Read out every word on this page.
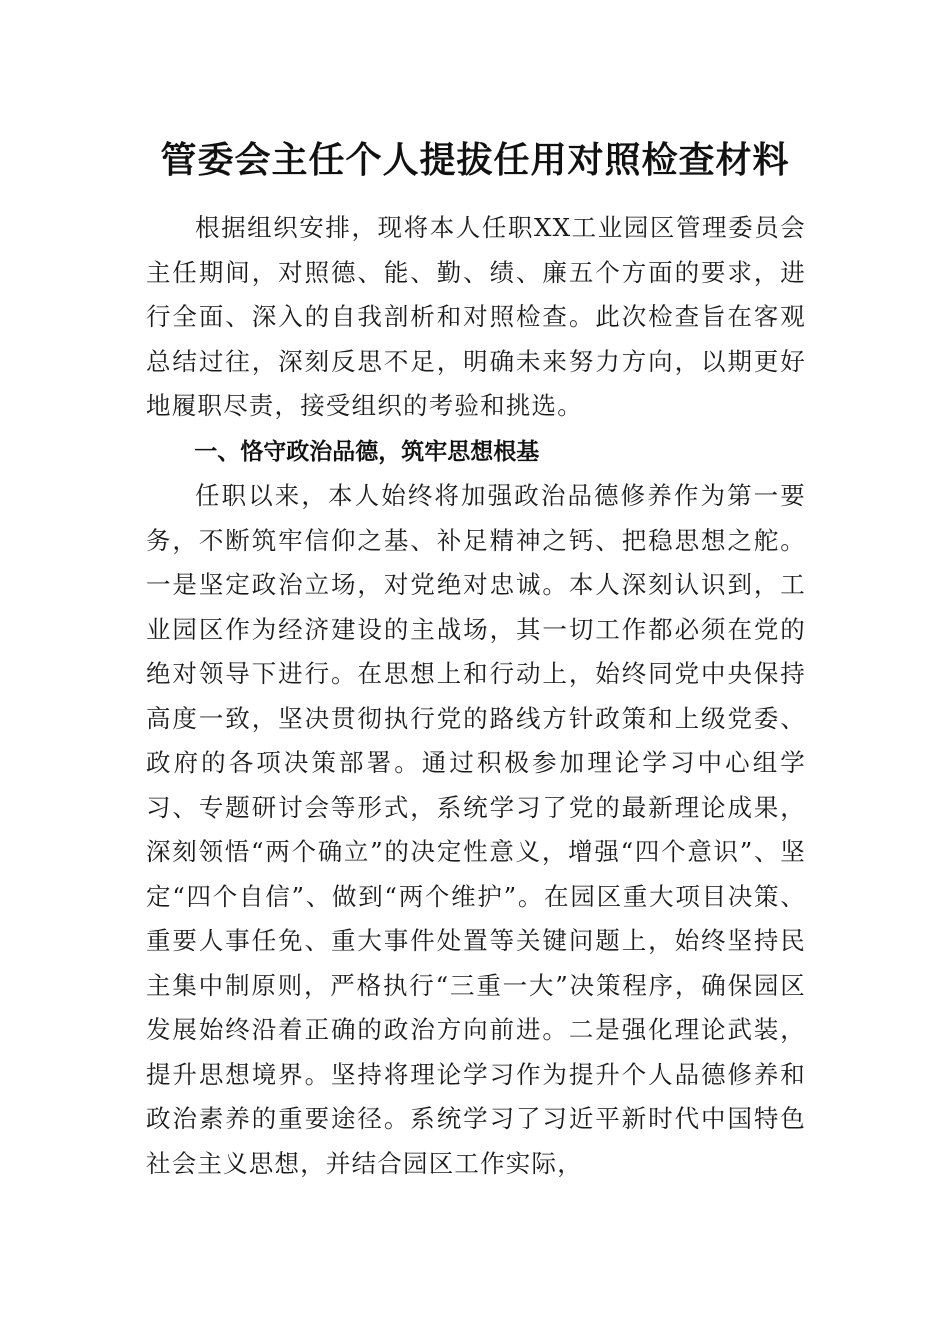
管委会主任个人提拔任用对照检查材料

根据组织安排，现将本人任职XX工业园区管理委员会主任期间，对照德、能、勤、绩、廉五个方面的要求，进行全面、深入的自我剖析和对照检查。此次检查旨在客观总结过往，深刻反思不足，明确未来努力方向，以期更好地履职尽责，接受组织的考验和挑选。

一、恪守政治品德，筑牢思想根基

任职以来，本人始终将加强政治品德修养作为第一要务，不断筑牢信仰之基、补足精神之钙、把稳思想之舵。一是坚定政治立场，对党绝对忠诚。本人深刻认识到，工业园区作为经济建设的主战场，其一切工作都必须在党的绝对领导下进行。在思想上和行动上，始终同党中央保持高度一致，坚决贯彻执行党的路线方针政策和上级党委、政府的各项决策部署。通过积极参加理论学习中心组学习、专题研讨会等形式，系统学习了党的最新理论成果，深刻领悟“两个确立”的决定性意义，增强“四个意识”、坚定“四个自信”、做到“两个维护”。在园区重大项目决策、重要人事任免、重大事件处置等关键问题上，始终坚持民主集中制原则，严格执行“三重一大”决策程序，确保园区发展始终沿着正确的政治方向前进。二是强化理论武装，提升思想境界。坚持将理论学习作为提升个人品德修养和政治素养的重要途径。系统学习了习近平新时代中国特色社会主义思想，并结合园区工作实际，
